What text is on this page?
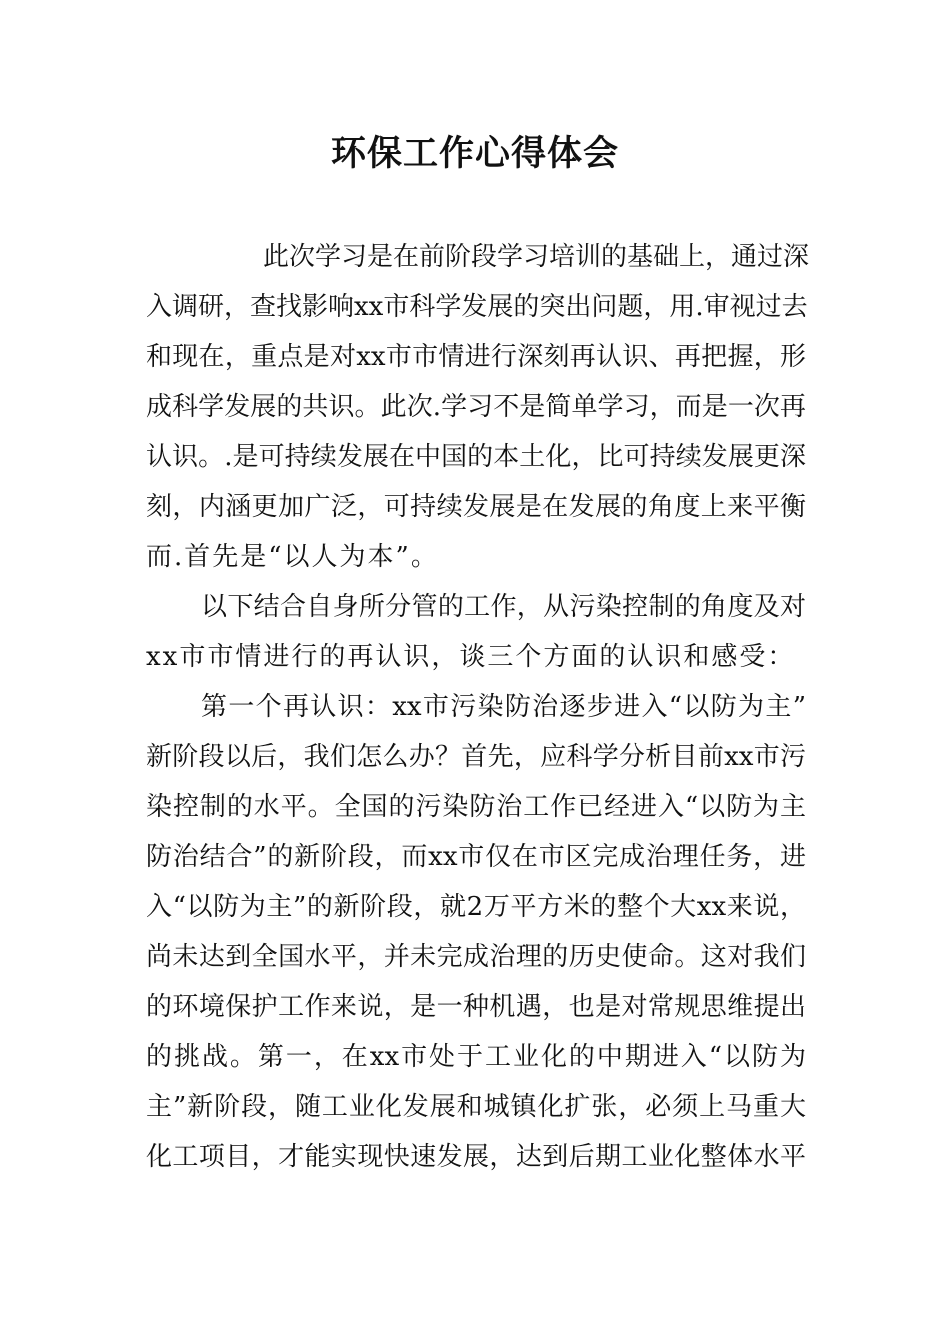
环保工作心得体会
此次学习是在前阶段学习培训的基础上，通过深
入调研，查找影响xx市科学发展的突出问题，用.审视过去
和现在，重点是对xx市市情进行深刻再认识、再把握，形
成科学发展的共识。此次.学习不是简单学习，而是一次再
认识。.是可持续发展在中国的本土化，比可持续发展更深
刻，内涵更加广泛，可持续发展是在发展的角度上来平衡
而.首先是“以人为本”。
以下结合自身所分管的工作，从污染控制的角度及对
xx市市情进行的再认识，谈三个方面的认识和感受：
第一个再认识：xx市污染防治逐步进入“以防为主”
新阶段以后，我们怎么办？首先，应科学分析目前xx市污
染控制的水平。全国的污染防治工作已经进入“以防为主
防治结合”的新阶段，而xx市仅在市区完成治理任务，进
入“以防为主”的新阶段，就2万平方米的整个大xx来说，
尚未达到全国水平，并未完成治理的历史使命。这对我们
的环境保护工作来说，是一种机遇，也是对常规思维提出
的挑战。第一，在xx市处于工业化的中期进入“以防为
主”新阶段，随工业化发展和城镇化扩张，必须上马重大
化工项目，才能实现快速发展，达到后期工业化整体水平
